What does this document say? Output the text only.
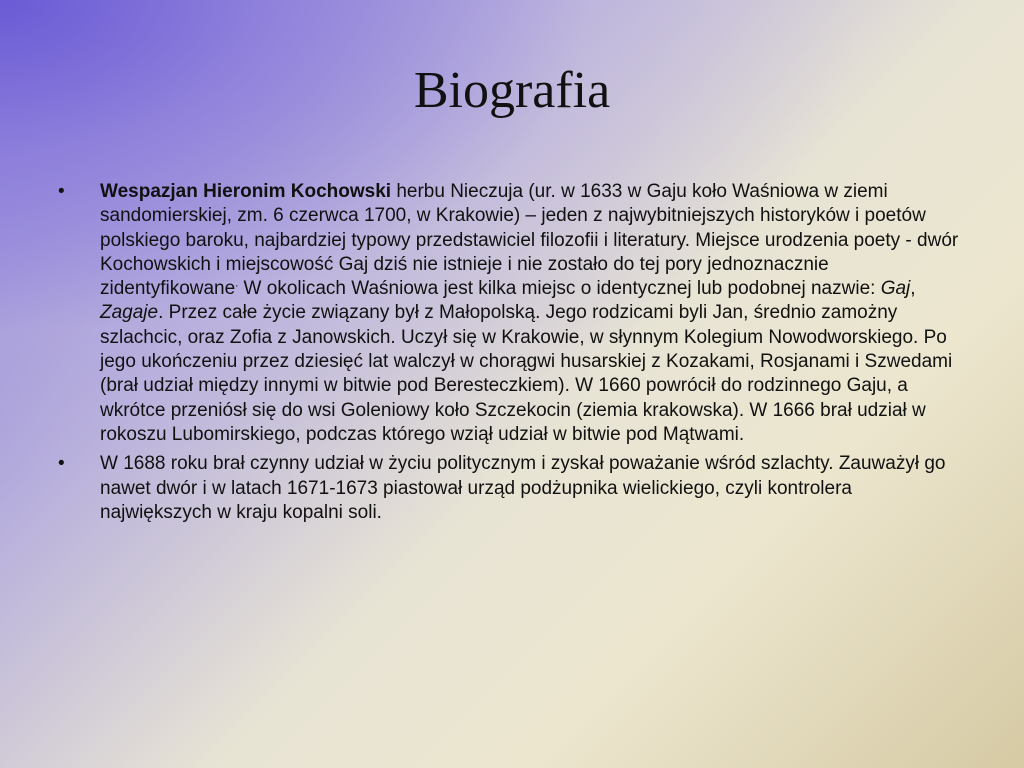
Biografia
•	Wespazjan Hieronim Kochowski herbu Nieczuja (ur. w 1633 w Gaju koło Waśniowa w ziemi sandomierskiej, zm. 6 czerwca 1700, w Krakowie) – jeden z najwybitniejszych historyków i poetów polskiego baroku, najbardziej typowy przedstawiciel filozofii i literatury. Miejsce urodzenia poety - dwór Kochowskich i miejscowość Gaj dziś nie istnieje i nie zostało do tej pory jednoznacznie zidentyfikowane. W okolicach Waśniowa jest kilka miejsc o identycznej lub podobnej nazwie: Gaj, Zagaje. Przez całe życie związany był z Małopolską. Jego rodzicami byli Jan, średnio zamożny szlachcic, oraz Zofia z Janowskich. Uczył się w Krakowie, w słynnym Kolegium Nowodworskiego. Po jego ukończeniu przez dziesięć lat walczył w chorągwi husarskiej z Kozakami, Rosjanami i Szwedami (brał udział między innymi w bitwie pod Beresteczkiem). W 1660 powrócił do rodzinnego Gaju, a wkrótce przeniósł się do wsi Goleniowy koło Szczekocin (ziemia krakowska). W 1666 brał udział w rokoszu Lubomirskiego, podczas którego wziął udział w bitwie pod Mątwami.
•	W 1688 roku brał czynny udział w życiu politycznym i zyskał poważanie wśród szlachty. Zauważył go nawet dwór i w latach 1671-1673 piastował urząd podżupnika wielickiego, czyli kontrolera największych w kraju kopalni soli.
